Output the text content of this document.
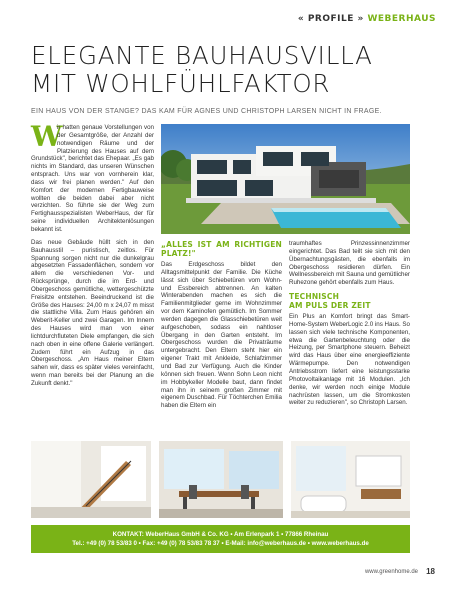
« PROFILE » WEBERHAUS
ELEGANTE BAUHAUSVILLA
MIT WOHLFÜHLFAKTOR
EIN HAUS VON DER STANGE? DAS KAM FÜR AGNES UND CHRISTOPH LARSEN NICHT IN FRAGE.

W
ir hatten genaue Vorstellungen von der Gesamtgröße, der Anzahl der notwendigen Räume und der Platzierung des Hauses auf dem Grundstück", berichtet das Ehepaar. „Es gab nichts im Standard, das unseren Wünschen entsprach. Uns war von vornherein klar, dass wir frei planen werden." Auf den Komfort der modernen Fertigbauweise wollten die beiden dabei aber nicht verzichten. So führte sie der Weg zum Fertighausspezialisten WeberHaus, der für seine individuellen Architektenlösungen bekannt ist.

Das neue Gebäude hüllt sich in den Bauhausstil – puristisch, zeitlos. Für Spannung sorgen nicht nur die dunkelgrau abgesetzten Fassadenflächen, sondern vor allem die verschiedenen Vor- und Rücksprünge, durch die im Erd- und Obergeschoss gemütliche, wettergeschützte Freisitze entstehen. Beeindruckend ist die Größe des Hauses: 24,00 m x 24,07 m misst die stattliche Villa. Zum Haus gehören ein Weberit-Keller und zwei Garagen. Im Innern des Hauses wird man von einer lichtdurchfluteten Diele empfangen, die sich nach oben in eine offene Galerie verlängert. Zudem führt ein Aufzug in das Obergeschoss. „Am Haus meiner Eltern sahen wir, dass es später vieles vereinfacht, wenn man bereits bei der Planung an die Zukunft denkt."

„ALLES IST AM RICHTIGEN PLATZ!"

Das Erdgeschoss bildet den Alltagsmittelpunkt der Familie. Die Küche lässt sich über Schiebetüren vom Wohn- und Essbereich abtrennen. An kalten Winterabenden machen es sich die Familienmitglieder gerne im Wohnzimmer vor dem Kaminofen gemütlich. Im Sommer werden dagegen die Glasschiebetüren weit aufgeschoben, sodass ein nahtloser Übergang in den Garten entsteht. Im Obergeschoss wurden die Privaträume untergebracht. Den Eltern steht hier ein eigener Trakt mit Ankleide, Schlafzimmer und Bad zur Verfügung. Auch die Kinder können sich freuen. Wenn Sohn Leon nicht im Hobbykeller Modelle baut, dann findet man ihn in seinem großen Zimmer mit eigenem Duschbad. Für Töchterchen Emilia haben die Eltern ein

traumhaftes Prinzessinnenzimmer eingerichtet. Das Bad teilt sie sich mit den Übernachtungsgästen, die ebenfalls im Obergeschoss residieren dürfen. Ein Wellnessbereich mit Sauna und gemütlicher Ruhezone gehört ebenfalls zum Haus.

TECHNISCH
AM PULS DER ZEIT

Ein Plus an Komfort bringt das Smart-Home-System WeberLogic 2.0 ins Haus. So lassen sich viele technische Komponenten, etwa die Gartenbeleuchtung oder die Heizung, per Smartphone steuern. Beheizt wird das Haus über eine energieeffiziente Wärmepumpe. Den notwendigen Antriebsstrom liefert eine leistungsstarke Photovoltaikanlage mit 16 Modulen. „Ich denke, wir werden noch einige Module nachrüsten lassen, um die Stromkosten weiter zu reduzieren", so Christoph Larsen.

KONTAKT: WeberHaus GmbH & Co. KG • Am Erlenpark 1 • 77866 Rheinau
Tel.: +49 (0) 78 53/83 0 • Fax: +49 (0) 78 53/83 78 37 • E-Mail: info@weberhaus.de • www.weberhaus.de
www.greenhome.de 18
